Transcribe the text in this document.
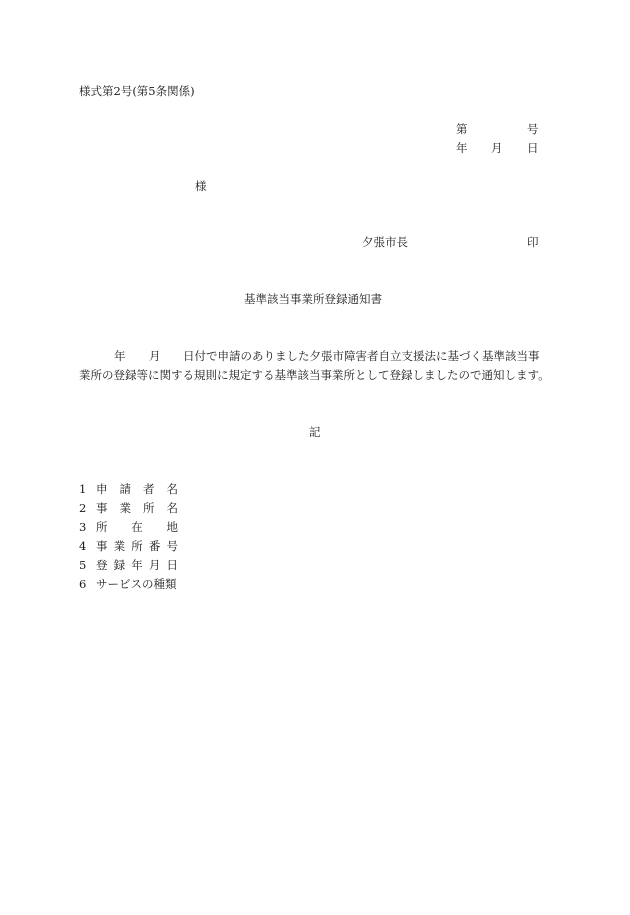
様式第2号(第5条関係)
第	号
年 月 日
様
夕張市長	印
基準該当事業所登録通知書
年 月 日付で申請のありました夕張市障害者自立支援法に基づく基準該当事
業所の登録等に関する規則に規定する基準該当事業所として登録しましたので通知します。
記
1 申 請 者 名
2 事 業 所 名
3 所 在 地
4 事 業 所 番 号
5 登 録 年 月 日
6 サービスの種類
